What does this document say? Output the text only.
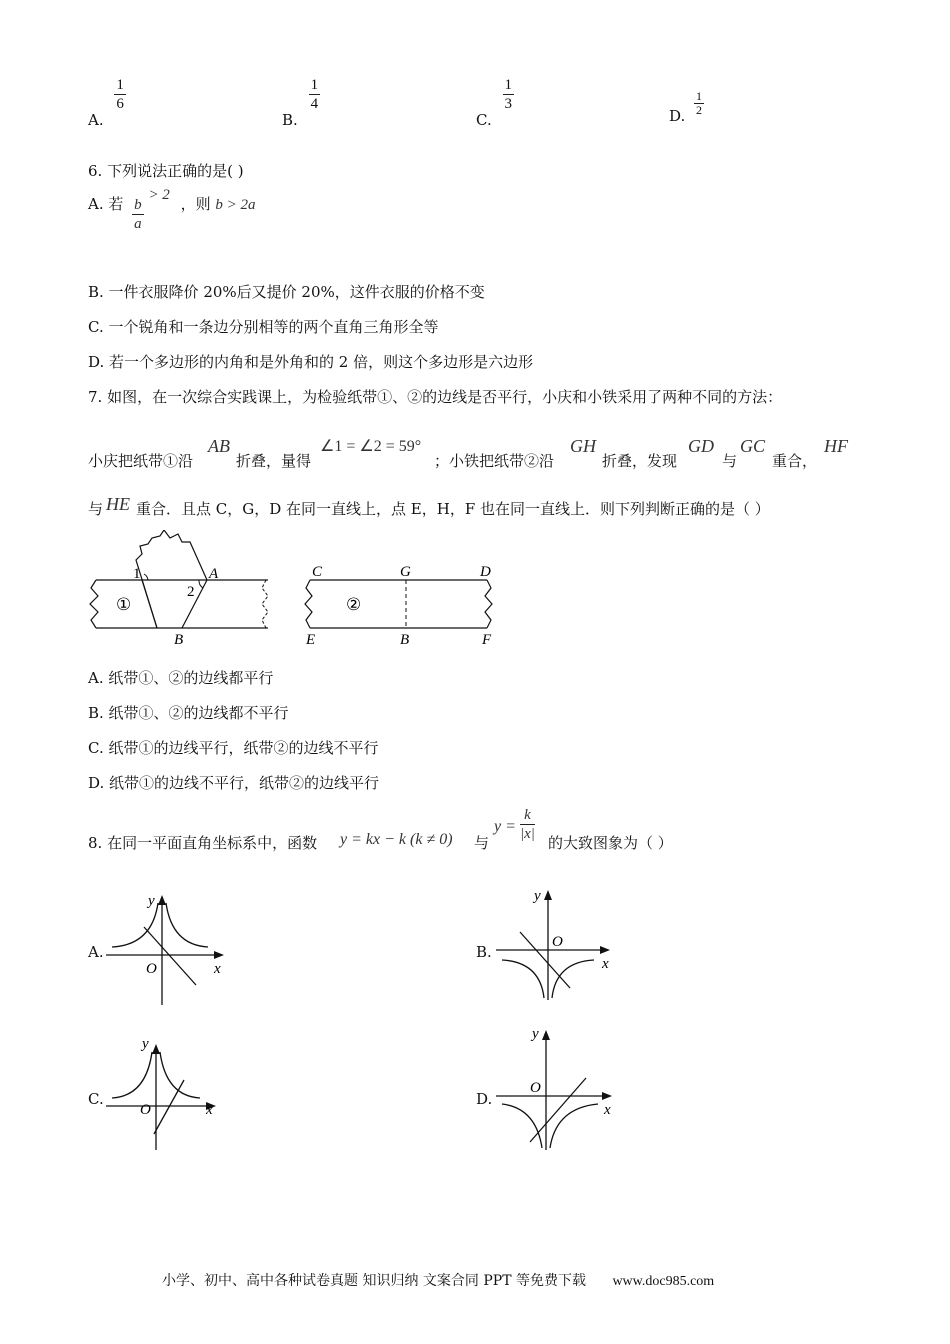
A.
$\frac{1}{6}$
B.
$\frac{1}{4}$
C.
$\frac{1}{3}$
D. $\frac{1}{2}$
6. 下列说法正确的是( )
A. 若 $\frac{b}{a}$
> 2 ，则 b > 2a
B. 一件衣服降价 20%后又提价 20%，这件衣服的价格不变
C. 一个锐角和一条边分别相等的两个直角三角形全等
D. 若一个多边形的内角和是外角和的 2 倍，则这个多边形是六边形
7. 如图，在一次综合实践课上，为检验纸带①、②的边线是否平行，小庆和小铁采用了两种不同的方法：
小庆把纸带①沿
AB
折叠，量得
∠1 = ∠2 = 59°
；小铁把纸带②沿
GH
折叠，发现
GD
与
GC
重合，
HF
与 HE 重合．且点 C，G，D 在同一直线上，点 E，H，F 也在同一直线上．则下列判断正确的是（ ）
1
2
A
B
①
C	G	D
E	B	F
②
A. 纸带①、②的边线都平行
B. 纸带①、②的边线都不平行
C. 纸带①的边线平行，纸带②的边线不平行
D. 纸带①的边线不平行，纸带②的边线平行
8. 在同一平面直角坐标系中，函数 y = kx − k (k ≠ 0) 与
$y = \frac{k}{|x|}$ 的大致图象为（ ）
A.
y
x
O
B.
y
x
O
C.
y
x
O
D.
y
x
O
小学、初中、高中各种试卷真题 知识归纳 文案合同 PPT 等免费下载 www.doc985.com
